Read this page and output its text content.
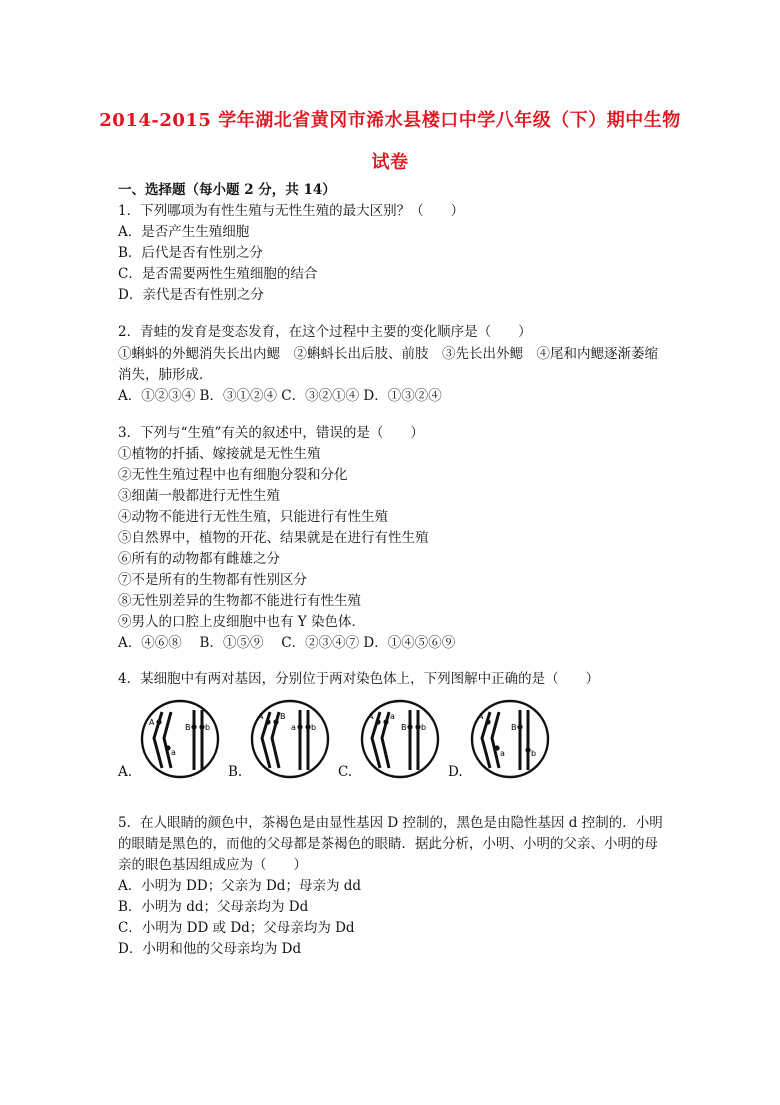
2014-2015 学年湖北省黄冈市浠水县楼口中学八年级（下）期中生物
试卷
一、选择题（每小题 2 分，共 14）
1．下列哪项为有性生殖与无性生殖的最大区别？（　　）
A．是否产生生殖细胞
B．后代是否有性别之分
C．是否需要两性生殖细胞的结合
D．亲代是否有性别之分
2．青蛙的发育是变态发育，在这个过程中主要的变化顺序是（　　）
①蝌蚪的外鳃消失长出内鳃　②蝌蚪长出后肢、前肢　③先长出外鳃　④尾和内鳃逐渐萎缩
消失，肺形成．
A．①②③④ B．③①②④ C．③②①④ D．①③②④
3．下列与“生殖”有关的叙述中，错误的是（　　）
①植物的扦插、嫁接就是无性生殖
②无性生殖过程中也有细胞分裂和分化
③细菌一般都进行无性生殖
④动物不能进行无性生殖，只能进行有性生殖
⑤自然界中，植物的开花、结果就是在进行有性生殖
⑥所有的动物都有雌雄之分
⑦不是所有的生物都有性别区分
⑧无性别差异的生物都不能进行有性生殖
⑨男人的口腔上皮细胞中也有 Y 染色体．
A．④⑥⑧　 B．①⑤⑨　 C．②③④⑦ D．①④⑤⑥⑨
4．某细胞中有两对基因，分别位于两对染色体上，下列图解中正确的是（　　）
A.	B.	C.	D.
A
a
B b
A B
a b
A a
B b
A
a
B
b
5．在人眼睛的颜色中，茶褐色是由显性基因 D 控制的，黑色是由隐性基因 d 控制的．小明
的眼睛是黑色的，而他的父母都是茶褐色的眼睛．据此分析，小明、小明的父亲、小明的母
亲的眼色基因组成应为（　　）
A．小明为 DD；父亲为 Dd；母亲为 dd
B．小明为 dd；父母亲均为 Dd
C．小明为 DD 或 Dd；父母亲均为 Dd
D．小明和他的父母亲均为 Dd
